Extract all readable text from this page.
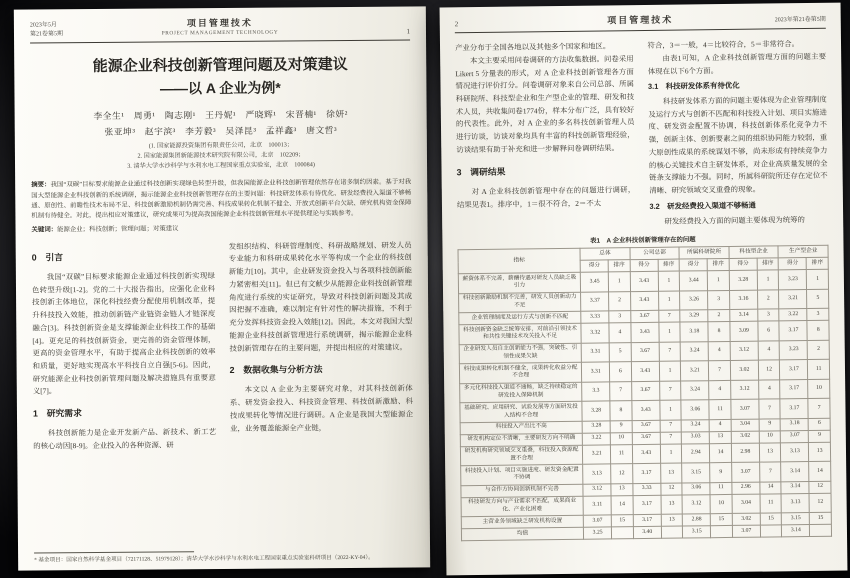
2023年5月
第21卷第5期
项目管理技术
PROJECT MANAGEMENT TECHNOLOGY	1
能源企业科技创新管理问题及对策建议
——以 A 企业为例*
李全生¹　周勇¹　陶志刚¹　王丹妮¹　严晓辉¹　宋晋楠¹　徐妍²
张亚坤³　赵宇滨³　李芳毅³　吴泽昆³　孟祥鑫³　唐文哲³
(1. 国家能源投资集团有限责任公司，北京　100013；
2. 国家能源集团新能源技术研究院有限公司，北京　102209；
3. 清华大学水沙科学与水利水电工程国家重点实验室，北京　100084)
摘要：我国“双碳”目标要求能源企业通过科技创新实现绿色转型升级，但我国能源企业科技创新管理依然存在诸多制约因素。基于对我国大型能源企业科技创新的系统调研，揭示能源企业科技创新管理存在的主要问题：科技研发体系有待优化、研发经费投入渠道不够畅通、原创性、前瞻性技术布局不足、科技创新激励机制仍需完善、科技成果转化机制不健全、开放式创新平台欠缺、研究机构资金保障机制有待健全。对此，提出相应对策建议，研究成果可为提高我国能源企业科技创新管理水平提供理论与实践参考。
关键词：能源企业；科技创新；管理问题；对策建议
0　引言

我国“双碳”目标要求能源企业通过科技创新实现绿色转型升级[1-2]。党的二十大报告指出，应强化企业科技创新主体地位，深化科技经费分配使用机制改革，提升科技投入效能，推动创新链产业链资金链人才链深度融合[3]。科技创新资金是支撑能源企业科技工作的基础[4]。更充足的科技创新资金，更完善的资金管理体制，更高的资金管理水平，有助于提高企业科技创新的效率和质量，更好地实现高水平科技自立自强[5-6]。因此，研究能源企业科技创新管理问题及解决措施具有重要意义[7]。

1　研究需求

科技创新能力是企业开发新产品、新技术、新工艺的核心动因[8-9]。企业投入的各种资源、研

发组织结构、科研管理制度、科研战略规划、研发人员专业能力和科研成果转化水平等构成一个企业的科技创新能力[10]。其中，企业研发资金投入与各项科技创新能力紧密相关[11]。但已有文献少从能源企业科技创新管理角度进行系统的实证研究，导致对科技创新问题及其成因把握不准确，难以制定有针对性的解决措施，不利于充分发挥科技资金投入效能[12]。因此，本文对我国大型能源企业科技创新管理进行系统调研，揭示能源企业科技创新管理存在的主要问题，并提出相应的对策建议。

2　数据收集与分析方法

本文以 A 企业为主要研究对象，对其科技创新体系、研发资金投入、科技资金管理、科技创新激励、科技成果转化等情况进行调研。A 企业是我国大型能源企业，业务覆盖能源全产业链，

* 基金项目：国家自然科学基金项目（72171128、51979128）；清华大学水沙科学与水利水电工程国家重点实验室科研项目（2022-KY-04）。
2	项目管理技术	2023年第21卷第5期

产业分布于全国各地以及其他多个国家和地区。

本文主要采用问卷调研的方法收集数据。问卷采用 Likert 5 分量表的形式，对 A 企业科技创新管理各方面情况进行评价打分。问卷调研对象来自公司总部、所属科研院所、科技型企业和生产型企业的管理、研发和技术人员，共收集问卷1774份，样本分布广泛，具有较好的代表性。此外，对 A 企业的多名科技创新管理人员进行访谈，访谈对象均具有丰富的科技创新管理经验，访谈结果有助于补充和进一步解释问卷调研结果。

3　调研结果

对 A 企业科技创新管理中存在的问题进行调研，结果见表1。排序中，1＝很不符合，2＝不太

符合，3＝一般，4＝比较符合，5＝非常符合。

由表1可知，A 企业科技创新管理方面的问题主要体现在以下6个方面。

3.1　科技研发体系有待优化

科技研发体系方面的问题主要体现为企业管理制度及运行方式与创新不匹配和科技投入计划、项目实施进度、研发资金配置不协调，科技创新体系化竞争力不强，创新主体、创新要素之间的组织协同能力较弱，重大原创性成果的系统谋划不够，尚未形成有持续竞争力的核心关键技术自主研发体系，对企业高质量发展的全链条支撑能力不强。同时，所属科研院所还存在定位不清晰、研究领域交叉重叠的现象。

3.2　研发经费投入渠道不够畅通

研发经费投入方面的问题主要体现为统筹的

表1　A 企业科技创新管理存在的问题
指标	总体		公司总部		所属科研院所		科技型企业		生产型企业	
	得分	排序	得分	排序	得分	排序	得分	排序	得分	排序
薪资体系不完善，薪酬待遇对研发人员缺乏吸引力	3.45	1	3.43	1	3.44	1	3.28	1	3.23	1
科技创新激励机制不完善，研发人员创新动力不足	3.37	2	3.43	1	3.26	3	3.16	2	3.21	5
企业管理制度及运行方式与创新不匹配	3.33	3	3.67	7	3.29	2	3.14	3	3.22	3
科技创新资金缺乏统筹安排，对前沿引领技术和共性关键技术攻关投入不足	3.32	4	3.43	1	3.18	8	3.09	6	3.17	8
企业研发人员自主创新能力不强，突破性、引领性成果欠缺	3.31	5	3.67	7	3.24	4	3.12	4	3.23	2
科技成果转化机制不健全，成果转化收益分配不合理	3.31	6	3.43	1	3.21	7	3.02	12	3.17	11
多元化科技投入渠道不通畅，缺乏持续稳定的研发投入保障机制	3.3	7	3.67	7	3.24	4	3.12	4	3.17	10
基础研究、应用研究、试验发展等方面研发投入结构不合理	3.28	8	3.43	1	3.06	11	3.07	7	3.17	7
科技投入产出比不高	3.28	9	3.67	7	3.24	4	3.04	9	3.18	6
研发机构定位不清晰，主要研发方向不明确	3.22	10	3.67	7	3.03	13	3.02	10	3.07	9
研发机构研究领域交叉重叠，科技投入资源配置不合理	3.21	11	3.43	1	2.94	14	2.98	13	3.13	13
科技投入计划、项目实施进度、研发资金配置不协调	3.13	12	3.17	13	3.15	9	3.07	7	3.14	14
与合作方协同创新机制不完善	3.12	13	3.33	12	3.06	11	2.96	14	3.14	12
科技研发方向与产业需求不匹配，成果商业化、产业化困难	3.11	14	3.17	13	3.12	10	3.04	11	3.13	12
主营业务领域缺乏研发机构设置	3.07	15	3.17	13	2.88	15	3.02	15	3.15	15
均值	3.25		3.40		3.15		3.07		3.14	
